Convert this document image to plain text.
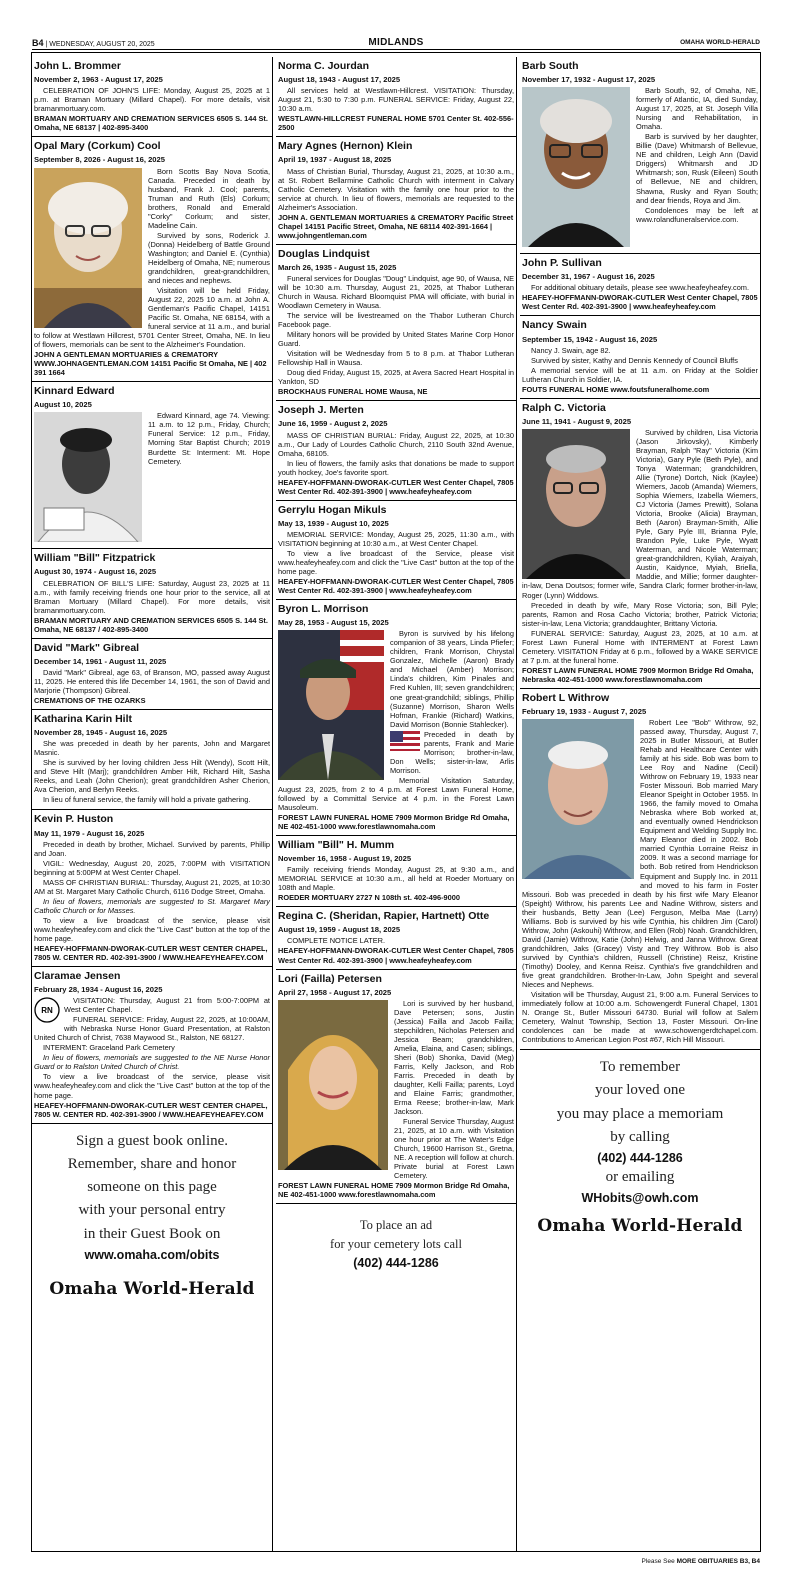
B4 | WEDNESDAY, AUGUST 20, 2025	MIDLANDS	OMAHA WORLD-HERALD
John L. Brommer
November 2, 1963 - August 17, 2025

CELEBRATION OF JOHN'S LIFE: Monday, August 25, 2025 at 1 p.m. at Braman Mortuary (Millard Chapel). For more details, visit bramanmortuary.com.

BRAMAN MORTUARY AND CREMATION SERVICES 6505 S. 144 St. Omaha, NE 68137 | 402-895-3400
Opal Mary (Corkum) Cool
September 8, 2026 - August 16, 2025

Born Scotts Bay Nova Scotia, Canada. Preceded in death by husband, Frank J. Cool; parents, Truman and Ruth (Els) Corkum; brothers, Ronald and Emerald "Corky" Corkum; and sister, Madeline Cain.

Survived by sons, Roderick J. (Donna) Heidelberg of Battle Ground Washington; and Daniel E. (Cynthia) Heidelberg of Omaha, NE; numerous grandchildren, great-grandchildren, and nieces and nephews.

Visitation will be held Friday, August 22, 2025 10 a.m. at John A. Gentleman's Pacific Chapel, 14151 Pacific St. Omaha, NE 68154, with a funeral service at 11 a.m., and burial to follow at Westlawn Hillcrest, 5701 Center Street, Omaha, NE. In lieu of flowers, memorials can be sent to the Alzheimer's Foundation.

JOHN A GENTLEMAN MORTUARIES & CREMATORY WWW.JOHNAGENTLEMAN.COM 14151 Pacific St Omaha, NE | 402 391 1664
Kinnard Edward
August 10, 2025

Edward Kinnard, age 74. Viewing: 11 a.m. to 12 p.m., Friday, Church; Funeral Service: 12 p.m., Friday, Morning Star Baptist Church; 2019 Burdette St: Interment: Mt. Hope Cemetery.

William "Bill" Fitzpatrick
August 30, 1974 - August 16, 2025

CELEBRATION OF BILL'S LIFE: Saturday, August 23, 2025 at 11 a.m., with family receiving friends one hour prior to the service, all at Braman Mortuary (Millard Chapel). For more details, visit bramanmortuary.com.

BRAMAN MORTUARY AND CREMATION SERVICES 6505 S. 144 St. Omaha, NE 68137 / 402-895-3400
David "Mark" Gibreal
December 14, 1961 - August 11, 2025

David "Mark" Gibreal, age 63, of Branson, MO, passed away August 11, 2025. He entered this life December 14, 1961, the son of David and Marjorie (Thompson) Gibreal.

CREMATIONS OF THE OZARKS
Katharina Karin Hilt
November 28, 1945 - August 16, 2025

She was preceded in death by her parents, John and Margaret Masnic.

She is survived by her loving children Jess Hilt (Wendy), Scott Hilt, and Steve Hilt (Marj); grandchildren Amber Hilt, Richard Hilt, Sasha Reeks, and Leah (John Cherion); great grandchildren Asher Cherion, Ava Cherion, and Berlyn Reeks.

In lieu of funeral service, the family will hold a private gathering.

Kevin P. Huston
May 11, 1979 - August 16, 2025

Preceded in death by brother, Michael. Survived by parents, Phillip and Joan.

VIGIL: Wednesday, August 20, 2025, 7:00PM with VISITATION beginning at 5:00PM at West Center Chapel.

MASS OF CHRISTIAN BURIAL: Thursday, August 21, 2025, at 10:30 AM at St. Margaret Mary Catholic Church, 6116 Dodge Street, Omaha.

In lieu of flowers, memorials are suggested to St. Margaret Mary Catholic Church or for Masses.

To view a live broadcast of the service, please visit www.heafeyheafey.com and click the "Live Cast" button at the top of the home page.

HEAFEY-HOFFMANN-DWORAK-CUTLER WEST CENTER CHAPEL, 7805 W. CENTER RD. 402-391-3900 / WWW.HEAFEYHEAFEY.COM
Claramae Jensen
February 28, 1934 - August 16, 2025
RN

VISITATION: Thursday, August 21 from 5:00-7:00PM at West Center Chapel.

FUNERAL SERVICE: Friday, August 22, 2025, at 10:00AM, with Nebraska Nurse Honor Guard Presentation, at Ralston United Church of Christ, 7638 Maywood St., Ralston, NE 68127.

INTERMENT: Graceland Park Cemetery

In lieu of flowers, memorials are suggested to the NE Nurse Honor Guard or to Ralston United Church of Christ.

To view a live broadcast of the service, please visit www.heafeyheafey.com and click the "Live Cast" button at the top of the home page.

HEAFEY-HOFFMANN-DWORAK-CUTLER WEST CENTER CHAPEL, 7805 W. CENTER RD. 402-391-3900 / WWW.HEAFEYHEAFEY.COM
Sign a guest book online.
Remember, share and honor
someone on this page
with your personal entry
in their Guest Book on
www.omaha.com/obits
Omaha World-Herald
Norma C. Jourdan
August 18, 1943 - August 17, 2025

All services held at Westlawn-Hillcrest. VISITATION: Thursday, August 21, 5:30 to 7:30 p.m. FUNERAL SERVICE: Friday, August 22, 10:30 a.m.

WESTLAWN-HILLCREST FUNERAL HOME 5701 Center St. 402-556-2500
Mary Agnes (Hernon) Klein
April 19, 1937 - August 18, 2025

Mass of Christian Burial, Thursday, August 21, 2025, at 10:30 a.m., at St. Robert Bellarmine Catholic Church with interment in Calvary Catholic Cemetery. Visitation with the family one hour prior to the service at church. In lieu of flowers, memorials are requested to the Alzheimer's Association.

JOHN A. GENTLEMAN MORTUARIES & CREMATORY Pacific Street Chapel 14151 Pacific Street, Omaha, NE 68114 402-391-1664 | www.johngentleman.com
Douglas Lindquist
March 26, 1935 - August 15, 2025

Funeral services for Douglas "Doug" Lindquist, age 90, of Wausa, NE will be 10:30 a.m. Thursday, August 21, 2025, at Thabor Lutheran Church in Wausa. Richard Bloomquist PMA will officiate, with burial in Woodlawn Cemetery in Wausa.

The service will be livestreamed on the Thabor Lutheran Church Facebook page.

Military honors will be provided by United States Marine Corp Honor Guard.

Visitation will be Wednesday from 5 to 8 p.m. at Thabor Lutheran Fellowship Hall in Wausa.

Doug died Friday, August 15, 2025, at Avera Sacred Heart Hospital in Yankton, SD

BROCKHAUS FUNERAL HOME Wausa, NE
Joseph J. Merten
June 16, 1959 - August 2, 2025

MASS OF CHRISTIAN BURIAL: Friday, August 22, 2025, at 10:30 a.m., Our Lady of Lourdes Catholic Church, 2110 South 32nd Avenue, Omaha, 68105.

In lieu of flowers, the family asks that donations be made to support youth hockey, Joe's favorite sport.

HEAFEY-HOFFMANN-DWORAK-CUTLER West Center Chapel, 7805 West Center Rd. 402-391-3900 | www.heafeyheafey.com
Gerrylu Hogan Mikuls
May 13, 1939 - August 10, 2025

MEMORIAL SERVICE: Monday, August 25, 2025, 11:30 a.m., with VISITATION beginning at 10:30 a.m., at West Center Chapel.

To view a live broadcast of the Service, please visit www.heafeyheafey.com and click the "Live Cast" button at the top of the home page.

HEAFEY-HOFFMANN-DWORAK-CUTLER West Center Chapel, 7805 West Center Rd. 402-391-3900 | www.heafeyheafey.com
Byron L. Morrison
May 28, 1953 - August 15, 2025

Byron is survived by his lifelong companion of 38 years, Linda Pfiefer; children, Frank Morrison, Chrystal Gonzalez, Michelle (Aaron) Brady and Michael (Amber) Morrison; Linda's children, Kim Pinales and Fred Kuhlen, III; seven grandchildren; one great-grandchild; siblings, Phillip (Suzanne) Morrison, Sharon Wells Hofman, Frankie (Richard) Watkins, David Morrison (Bonnie Stahlecker).

Preceded in death by parents, Frank and Marie Morrison; brother-in-law, Don Wells; sister-in-law, Arlis Morrison.

Memorial Visitation Saturday, August 23, 2025, from 2 to 4 p.m. at Forest Lawn Funeral Home, followed by a Committal Service at 4 p.m. in the Forest Lawn Mausoleum.

FOREST LAWN FUNERAL HOME 7909 Mormon Bridge Rd Omaha, NE 402-451-1000 www.forestlawnomaha.com
William "Bill" H. Mumm
November 16, 1958 - August 19, 2025

Family receiving friends Monday, August 25, at 9:30 a.m., and MEMORIAL SERVICE at 10:30 a.m., all held at Roeder Mortuary on 108th and Maple.

ROEDER MORTUARY 2727 N 108th st. 402-496-9000
Regina C. (Sheridan, Rapier, Hartnett) Otte
August 19, 1959 - August 18, 2025

COMPLETE NOTICE LATER.

HEAFEY-HOFFMANN-DWORAK-CUTLER West Center Chapel, 7805 West Center Rd. 402-391-3900 | www.heafeyheafey.com
Lori (Failla) Petersen
April 27, 1958 - August 17, 2025

Lori is survived by her husband, Dave Petersen; sons, Justin (Jessica) Failla and Jacob Failla; stepchildren, Nicholas Petersen and Jessica Beam; grandchildren, Amelia, Elaina, and Casen; siblings, Sheri (Bob) Shonka, David (Meg) Farris, Kelly Jackson, and Rob Farris. Preceded in death by daughter, Kelli Failla; parents, Loyd and Elaine Farris; grandmother, Erma Reese; brother-in-law, Mark Jackson.

Funeral Service Thursday, August 21, 2025, at 10 a.m. with Visitation one hour prior at The Water's Edge Church, 19600 Harrison St., Gretna, NE. A reception will follow at church. Private burial at Forest Lawn Cemetery.

FOREST LAWN FUNERAL HOME 7909 Mormon Bridge Rd Omaha, NE 402-451-1000 www.forestlawnomaha.com
To place an ad
for your cemetery lots call
(402) 444-1286
Barb South
November 17, 1932 - August 17, 2025

Barb South, 92, of Omaha, NE, formerly of Atlantic, IA, died Sunday, August 17, 2025, at St. Joseph Villa Nursing and Rehabilitation, in Omaha.

Barb is survived by her daughter, Billie (Dave) Whitmarsh of Bellevue, NE and children, Leigh Ann (David Driggers) Whitmarsh and JD Whitmarsh; son, Rusk (Eileen) South of Bellevue, NE and children, Shawna, Rusky and Ryan South; and dear friends, Roya and Jim.

Condolences may be left at www.rolandfuneralservice.com.

John P. Sullivan
December 31, 1967 - August 16, 2025

For additional obituary details, please see www.heafeyheafey.com.

HEAFEY-HOFFMANN-DWORAK-CUTLER West Center Chapel, 7805 West Center Rd. 402-391-3900 | www.heafeyheafey.com
Nancy Swain
September 15, 1942 - August 16, 2025

Nancy J. Swain, age 82.

Survived by sister, Kathy and Dennis Kennedy of Council Bluffs

A memorial service will be at 11 a.m. on Friday at the Soldier Lutheran Church in Soldier, IA.

FOUTS FUNERAL HOME www.foutsfuneralhome.com
Ralph C. Victoria
June 11, 1941 - August 9, 2025

Survived by children, Lisa Victoria (Jason Jirkovsky), Kimberly Brayman, Ralph "Ray" Victoria (Kim Victoria), Gary Pyle (Beth Pyle), and Tonya Waterman; grandchildren, Allie (Tyrone) Dortch, Nick (Kaylee) Wiemers, Jacob (Amanda) Wiemers, Sophia Wiemers, Izabella Wiemers, CJ Victoria (James Prewitt), Solana Victoria, Brooke (Alicia) Brayman, Beth (Aaron) Brayman-Smith, Allie Pyle, Gary Pyle III, Brianna Pyle, Brandon Pyle, Luke Pyle, Wyatt Waterman, and Nicole Waterman; great-grandchildren, Kyliah, Araiyah, Austin, Kaidynce, Myiah, Briella, Maddie, and Millie; former daughter-in-law, Dena Doutsos; former wife, Sandra Clark; former brother-in-law, Roger (Lynn) Widdows.

Preceded in death by wife, Mary Rose Victoria; son, Bill Pyle; parents, Ramon and Rosa Cacho Victoria; brother, Patrick Victoria; sister-in-law, Lena Victoria; granddaughter, Brittany Victoria.

FUNERAL SERVICE: Saturday, August 23, 2025, at 10 a.m. at Forest Lawn Funeral Home with INTERMENT at Forest Lawn Cemetery. VISITATION Friday at 6 p.m., followed by a WAKE SERVICE at 7 p.m. at the funeral home.

FOREST LAWN FUNERAL HOME 7909 Mormon Bridge Rd Omaha, Nebraska 402-451-1000 www.forestlawnomaha.com
Robert L Withrow
February 19, 1933 - August 7, 2025

Robert Lee "Bob" Withrow, 92, passed away, Thursday, August 7, 2025 in Butler Missouri, at Butler Rehab and Healthcare Center with family at his side. Bob was born to Lee Roy and Nadine (Cecil) Withrow on February 19, 1933 near Foster Missouri. Bob married Mary Eleanor Speight in October 1955. In 1966, the family moved to Omaha Nebraska where Bob worked at, and eventually owned Hendrickson Equipment and Welding Supply Inc. Mary Eleanor died in 2002. Bob married Cynthia Lorraine Reisz in 2009. It was a second marriage for both. Bob retired from Hendrickson Equipment and Supply Inc. in 2011 and moved to his farm in Foster Missouri. Bob was preceded in death by his first wife Mary Eleanor (Speight) Withrow, his parents Lee and Nadine Withrow, sisters and their husbands, Betty Jean (Lee) Ferguson, Melba Mae (Larry) Williams. Bob is survived by his wife Cynthia, his children Jim (Carol) Withrow, John (Askouhi) Withrow, and Ellen (Rob) Noah. Grandchildren, David (Jamie) Withrow, Katie (John) Helwig, and Janna Withrow. Great grandchildren, Jaks (Gracey) Visty and Trey Withrow. Bob is also survived by Cynthia's children, Russell (Christine) Reisz, Kristine (Timothy) Dooley, and Kenna Reisz. Cynthia's five grandchildren and five great grandchildren. Brother-In-Law, John Speight and several Nieces and Nephews.

Visitation will be Thursday, August 21, 9:00 a.m. Funeral Services to immediately follow at 10:00 a.m. Schowengerdt Funeral Chapel, 1301 N. Orange St., Butler Missouri 64730. Burial will follow at Salem Cemetery, Walnut Township, Section 13, Foster Missouri. On-line condolences can be made at www.schowengerdtchapel.com. Contributions to American Legion Post #67, Rich Hill Missouri.

To remember
your loved one
you may place a memoriam
by calling
(402) 444-1286
or emailing
WHobits@owh.com
Omaha World-Herald
Please See MORE OBITUARIES B3, B4
